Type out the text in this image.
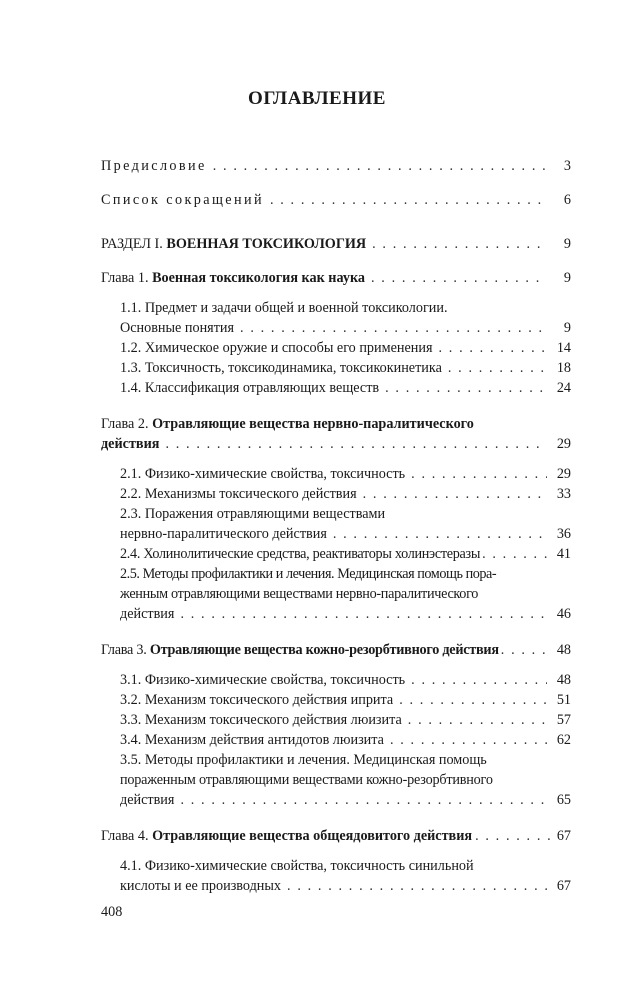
ОГЛАВЛЕНИЕ
Предисловие . . .	3
Список сокращений . . .	6
РАЗДЕЛ I. ВОЕННАЯ ТОКСИКОЛОГИЯ . . .	9
Глава 1. Военная токсикология как наука . . .	9
1.1. Предмет и задачи общей и военной токсикологии.
Основные понятия . . .	9
1.2. Химическое оружие и способы его применения . . .	14
1.3. Токсичность, токсикодинамика, токсикокинетика . . .	18
1.4. Классификация отравляющих веществ . . .	24
Глава 2. Отравляющие вещества нервно-паралитического
действия . . .	29
2.1. Физико-химические свойства, токсичность . . .	29
2.2. Механизмы токсического действия . . .	33
2.3. Поражения отравляющими веществами
нервно-паралитического действия . . .	36
2.4. Холинолитические средства, реактиваторы холинэстеразы . . .	41
2.5. Методы профилактики и лечения. Медицинская помощь пора-
женным отравляющими веществами нервно-паралитического
действия . . .	46
Глава 3. Отравляющие вещества кожно-резорбтивного действия . . .	48
3.1. Физико-химические свойства, токсичность . . .	48
3.2. Механизм токсического действия иприта . . .	51
3.3. Механизм токсического действия люизита . . .	57
3.4. Механизм действия антидотов люизита . . .	62
3.5. Методы профилактики и лечения. Медицинская помощь
пораженным отравляющими веществами кожно-резорбтивного
действия . . .	65
Глава 4. Отравляющие вещества общеядовитого действия . . .	67
4.1. Физико-химические свойства, токсичность синильной
кислоты и ее производных . . .	67
408
